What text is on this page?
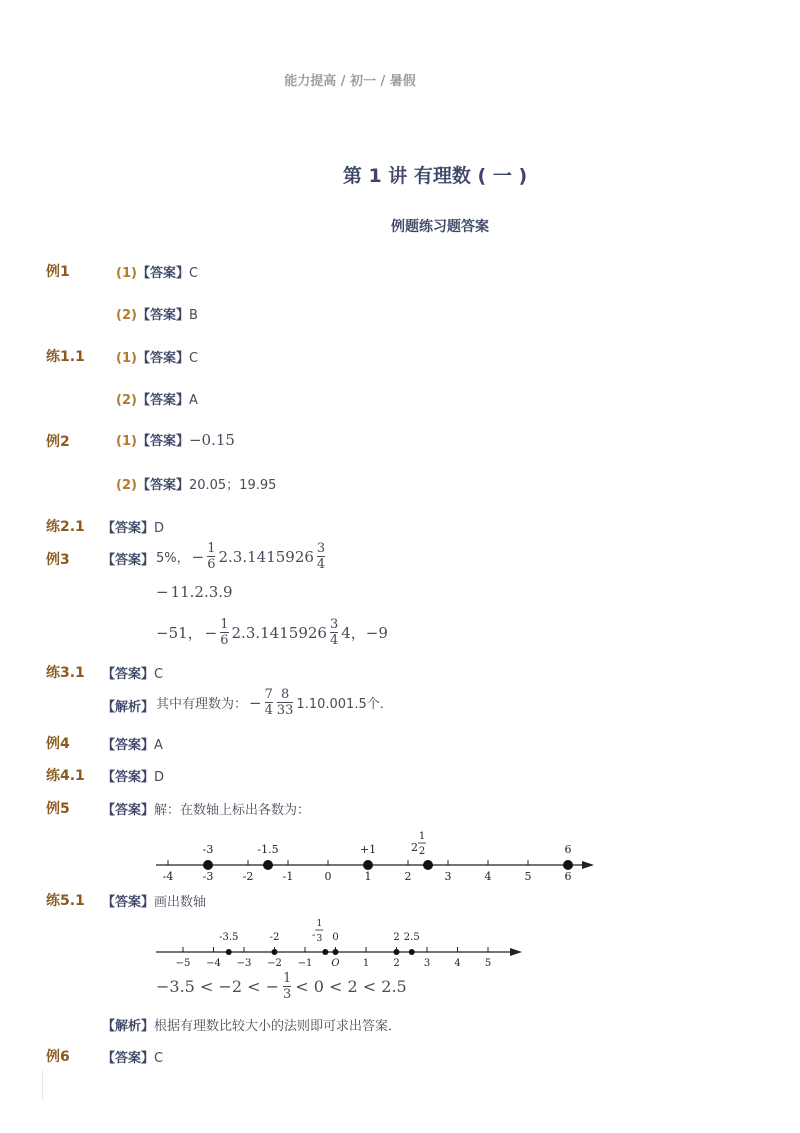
能力提高 / 初一 / 暑假
第 1 讲 有理数 ( 一 )
例题练习题答案
例1	(1)【答案】C
(2)【答案】B
练1.1 (1)【答案】C
(2)【答案】A
例2	(1)【答案】−0.15
(2)【答案】20.05；19.95
练2.1 【答案】D
例3 【答案】 5%， − $\frac{1}{6} 2.3.1415926 \frac{3}{4}$
− 11.2.3.9
−51， − $\frac{1}{6} 2.3.1415926 \frac{3}{4} 4$，−9
练3.1 【答案】C
【解析】 其中有理数为： − $\frac{7}{4} \frac{8}{33} 1.10.001.5$个．
例4 【答案】A
练4.1 【答案】D
例5 【答案】解：在数轴上标出各数为：
-4	-3	-2	-1	0	1	2	3	4	5	6
-3	-1.5	+1	2
1
2	6
练5.1 【答案】画出数轴
−5 −4 −3 −2 −1 O 1 2 3 4 5
-3.5	-2	-
1
3 0	2 2.5
−3.5 < −2 < − $\frac{1}{3} < 0 < 2 < 2.5$
【解析】根据有理数比较大小的法则即可求出答案．
例6 【答案】C
